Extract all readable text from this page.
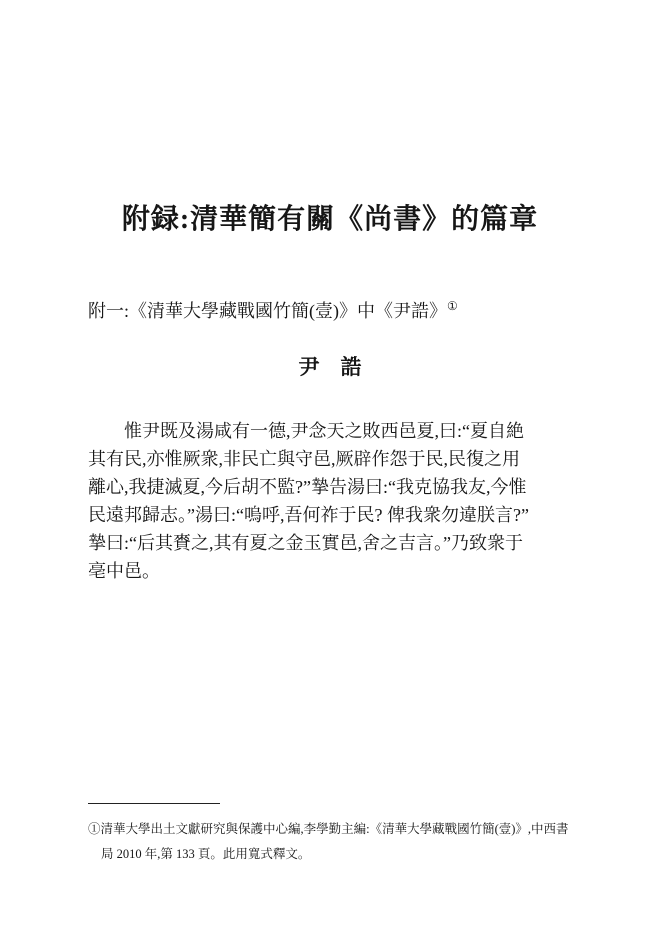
附録:清華簡有關《尚書》的篇章
附一:《清華大學藏戰國竹簡(壹)》中《尹誥》①
尹　誥
惟尹既及湯咸有一德,尹念天之敗西邑夏,曰:“夏自絶
其有民,亦惟厥衆,非民亡與守邑,厥辟作怨于民,民復之用
離心,我捷滅夏,今后胡不監?”摯告湯曰:“我克協我友,今惟
民遠邦歸志。”湯曰:“嗚呼,吾何祚于民? 俾我衆勿違朕言?”
摯曰:“后其賚之,其有夏之金玉實邑,舍之吉言。”乃致衆于
亳中邑。
①清華大學出土文獻研究與保護中心編,李學勤主編:《清華大學藏戰國竹簡(壹)》,中西書
局 2010 年,第 133 頁。此用寬式釋文。
